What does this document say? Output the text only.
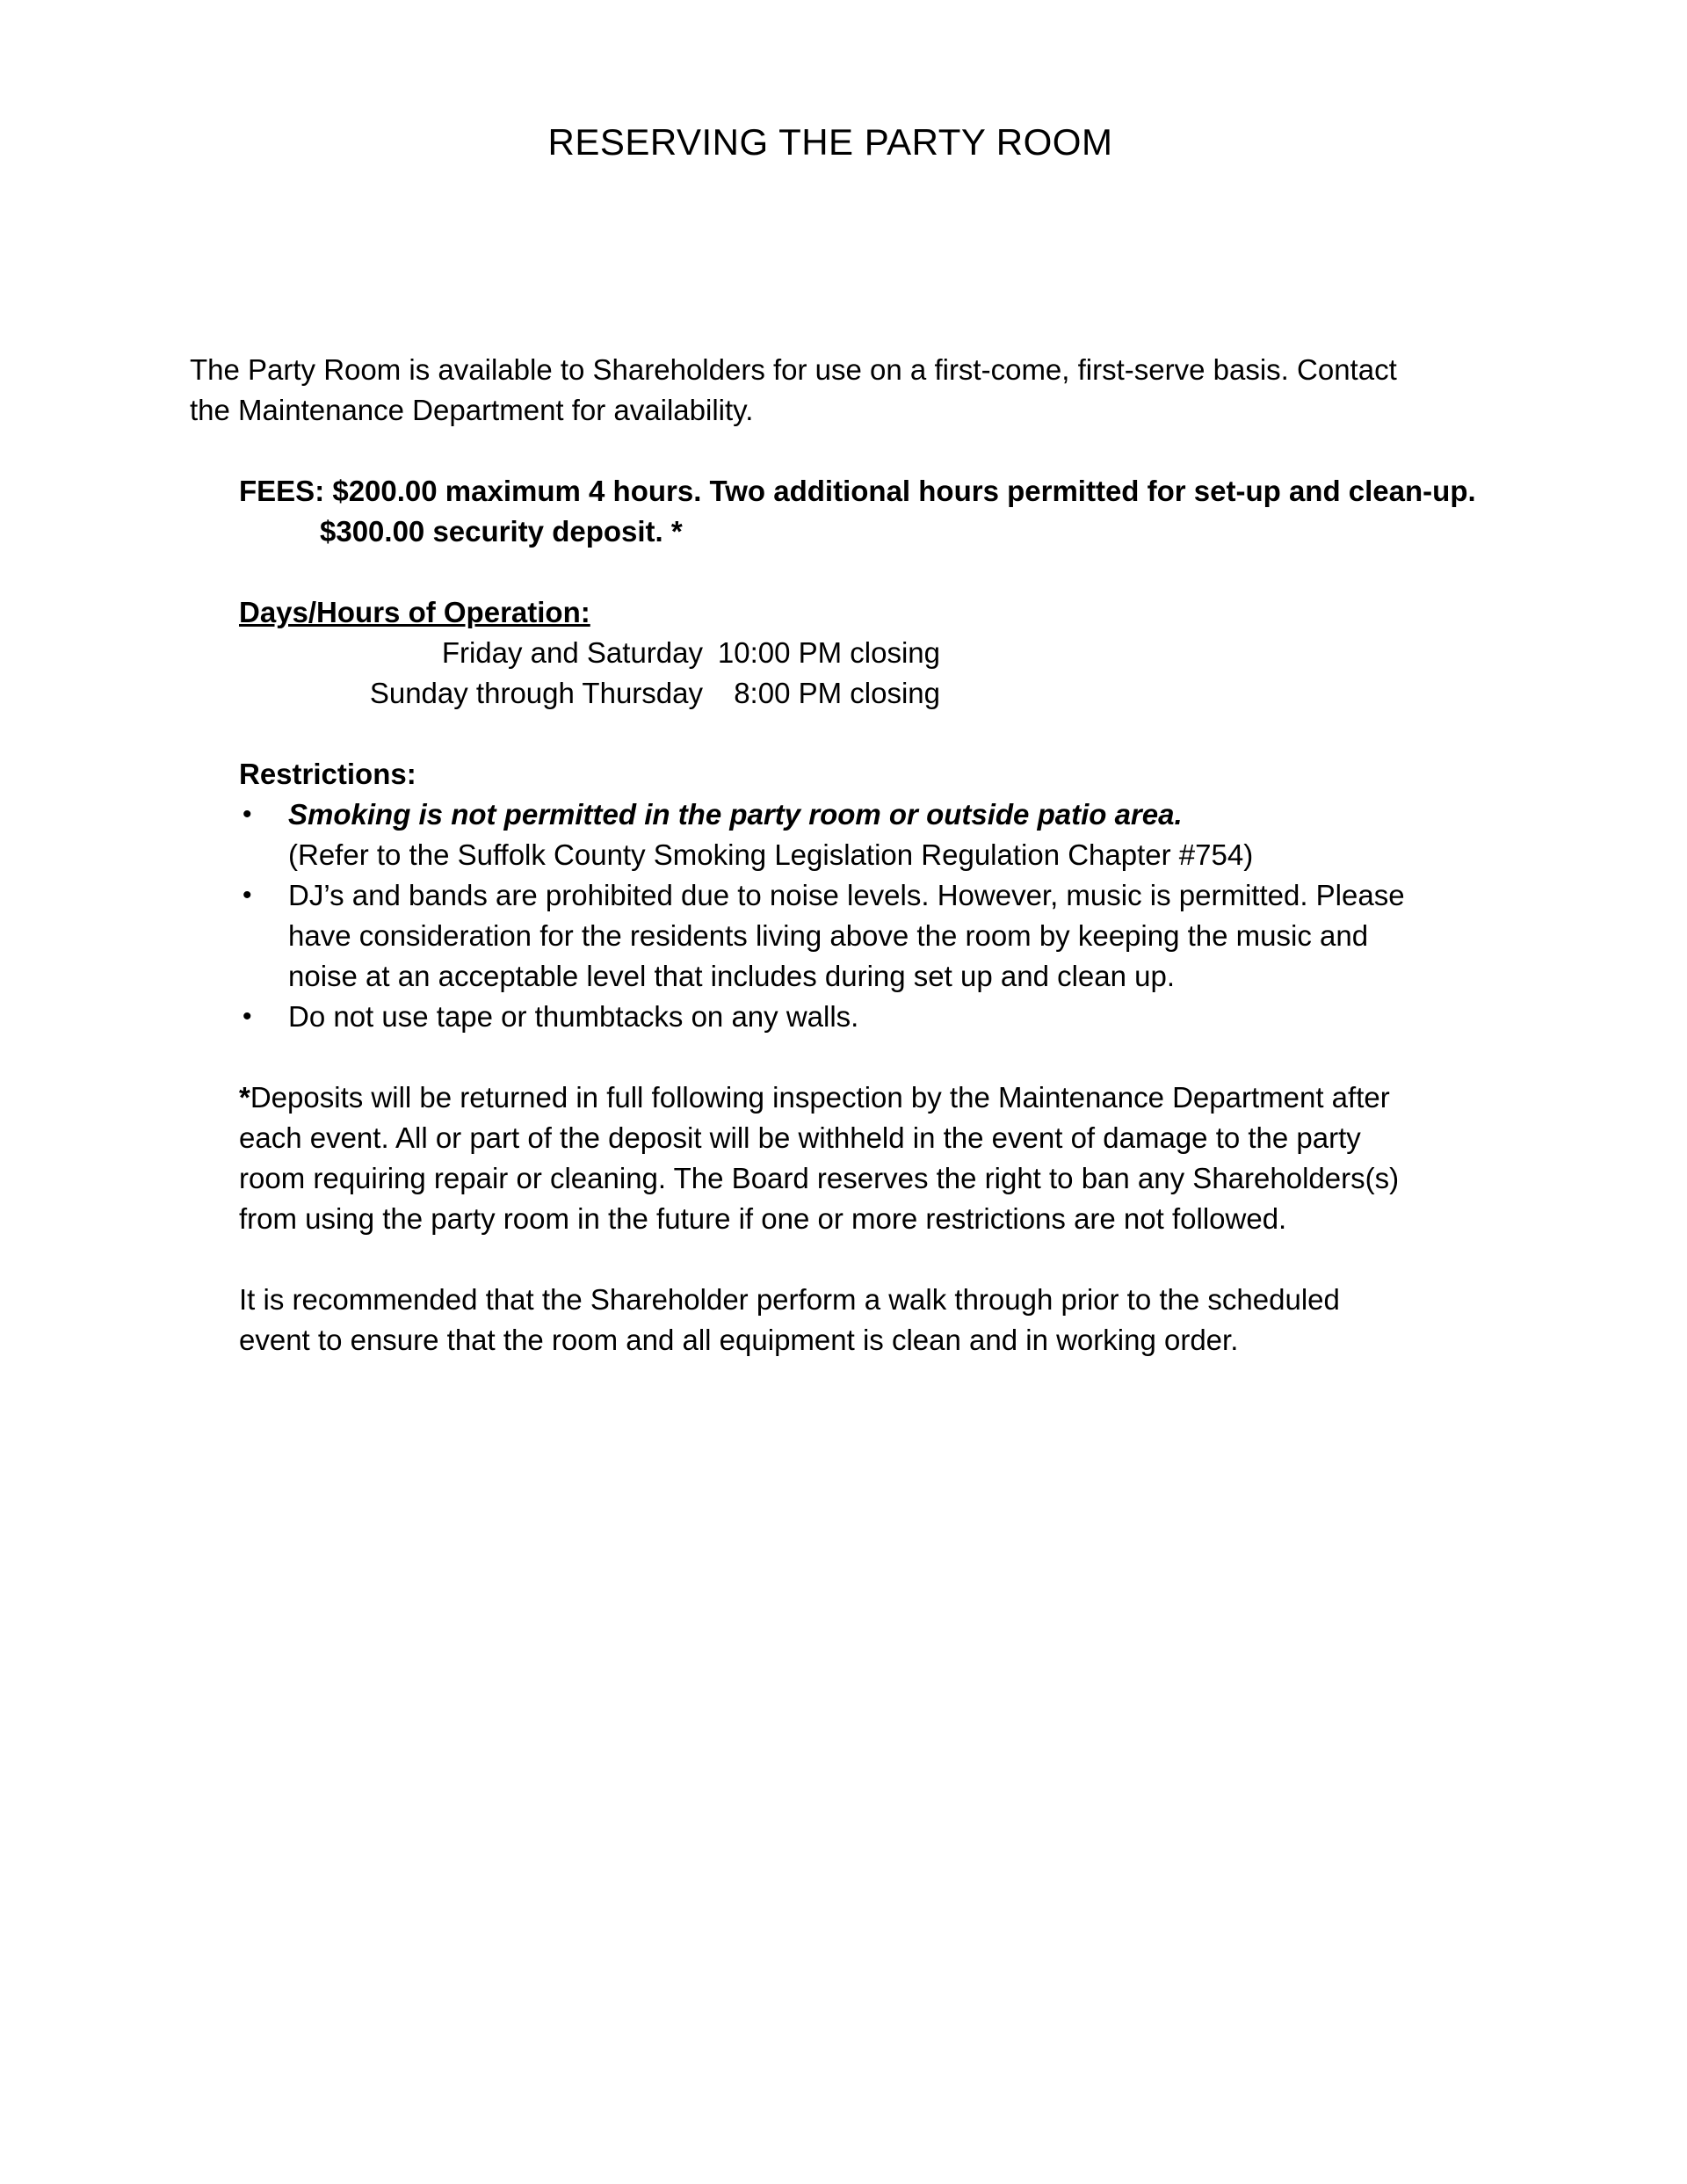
RESERVING THE PARTY ROOM
The Party Room is available to Shareholders for use on a first-come, first-serve basis. Contact
the Maintenance Department for availability.
FEES: $200.00 maximum 4 hours. Two additional hours permitted for set-up and clean-up.
$300.00 security deposit. *
Days/Hours of Operation:
Friday and Saturday	10:00 PM closing
Sunday through Thursday	8:00 PM closing
Restrictions:
• Smoking is not permitted in the party room or outside patio area.
(Refer to the Suffolk County Smoking Legislation Regulation Chapter #754)
• DJ’s and bands are prohibited due to noise levels. However, music is permitted. Please
have consideration for the residents living above the room by keeping the music and
noise at an acceptable level that includes during set up and clean up.
• Do not use tape or thumbtacks on any walls.
*Deposits will be returned in full following inspection by the Maintenance Department after
each event. All or part of the deposit will be withheld in the event of damage to the party
room requiring repair or cleaning. The Board reserves the right to ban any Shareholders(s)
from using the party room in the future if one or more restrictions are not followed.
It is recommended that the Shareholder perform a walk through prior to the scheduled
event to ensure that the room and all equipment is clean and in working order.
